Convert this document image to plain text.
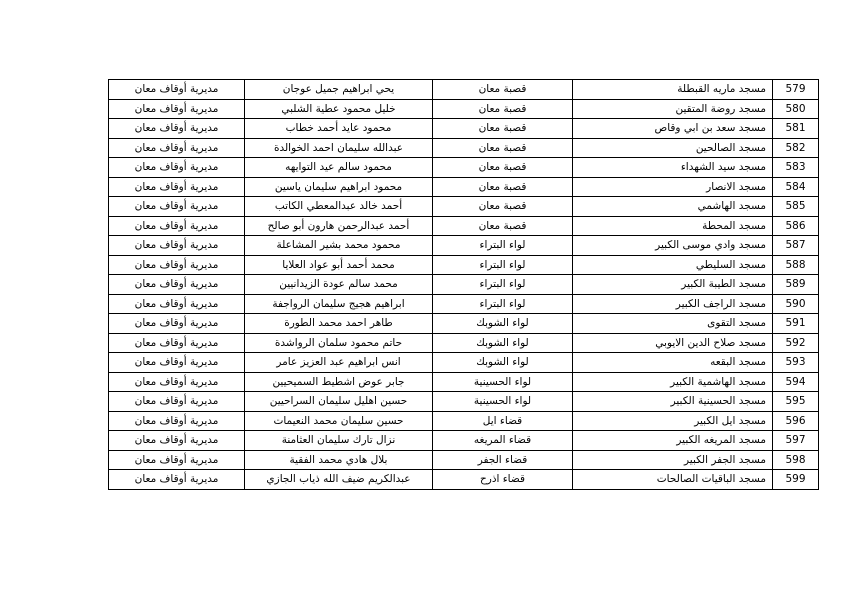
579	مسجد ماريه القبطلة	قصبة معان	يحي ابراهيم جميل عوجان	مديرية أوقاف معان
580	مسجد روضة المتقين	قصبة معان	خليل محمود عطية الشلبي	مديرية أوقاف معان
581	مسجد سعد بن ابي وقاص	قصبة معان	محمود عايد أحمد خطاب	مديرية أوقاف معان
582	مسجد الصالحين	قصبة معان	عبدالله سليمان احمد الخوالدة	مديرية أوقاف معان
583	مسجد سيد الشهداء	قصبة معان	محمود سالم عيد التوايهه	مديرية أوقاف معان
584	مسجد الانصار	قصبة معان	محمود ابراهيم سليمان ياسين	مديرية أوقاف معان
585	مسجد الهاشمي	قصبة معان	أحمد خالد عبدالمعطي الكاتب	مديرية أوقاف معان
586	مسجد المحطة	قصبة معان	أحمد عبدالرحمن هارون أبو صالح	مديرية أوقاف معان
587	مسجد وادي موسى الكبير	لواء البتراء	محمود محمد بشير المشاعلة	مديرية أوقاف معان
588	مسجد السليطي	لواء البتراء	محمد أحمد أبو عواد العلايا	مديرية أوقاف معان
589	مسجد الطيبة الكبير	لواء البتراء	محمد سالم عودة الزيدانيين	مديرية أوقاف معان
590	مسجد الراجف الكبير	لواء البتراء	ابراهيم هجيج سليمان الرواجفة	مديرية أوقاف معان
591	مسجد التقوى	لواء الشوبك	طاهر احمد محمد الطورة	مديرية أوقاف معان
592	مسجد صلاح الدين الايوبي	لواء الشوبك	حاتم محمود سلمان الرواشدة	مديرية أوقاف معان
593	مسجد البقعه	لواء الشوبك	انس ابراهيم عبد العزيز عامر	مديرية أوقاف معان
594	مسجد الهاشمية الكبير	لواء الحسينية	جابر عوض اشطيط السميحيين	مديرية أوقاف معان
595	مسجد الحسينية الكبير	لواء الحسينية	حسين اهليل سليمان السراحيين	مديرية أوقاف معان
596	مسجد ايل الكبير	قضاء ايل	حسين سليمان محمد النعيمات	مديرية أوقاف معان
597	مسجد المريغه الكبير	قضاء المريغه	نزال تارك سليمان العثامنة	مديرية أوقاف معان
598	مسجد الجفر الكبير	قضاء الجفر	بلال هادي محمد الفقية	مديرية أوقاف معان
599	مسجد الباقيات الصالحات	قضاء اذرح	عبدالكريم ضيف الله ذياب الجازي	مديرية أوقاف معان
